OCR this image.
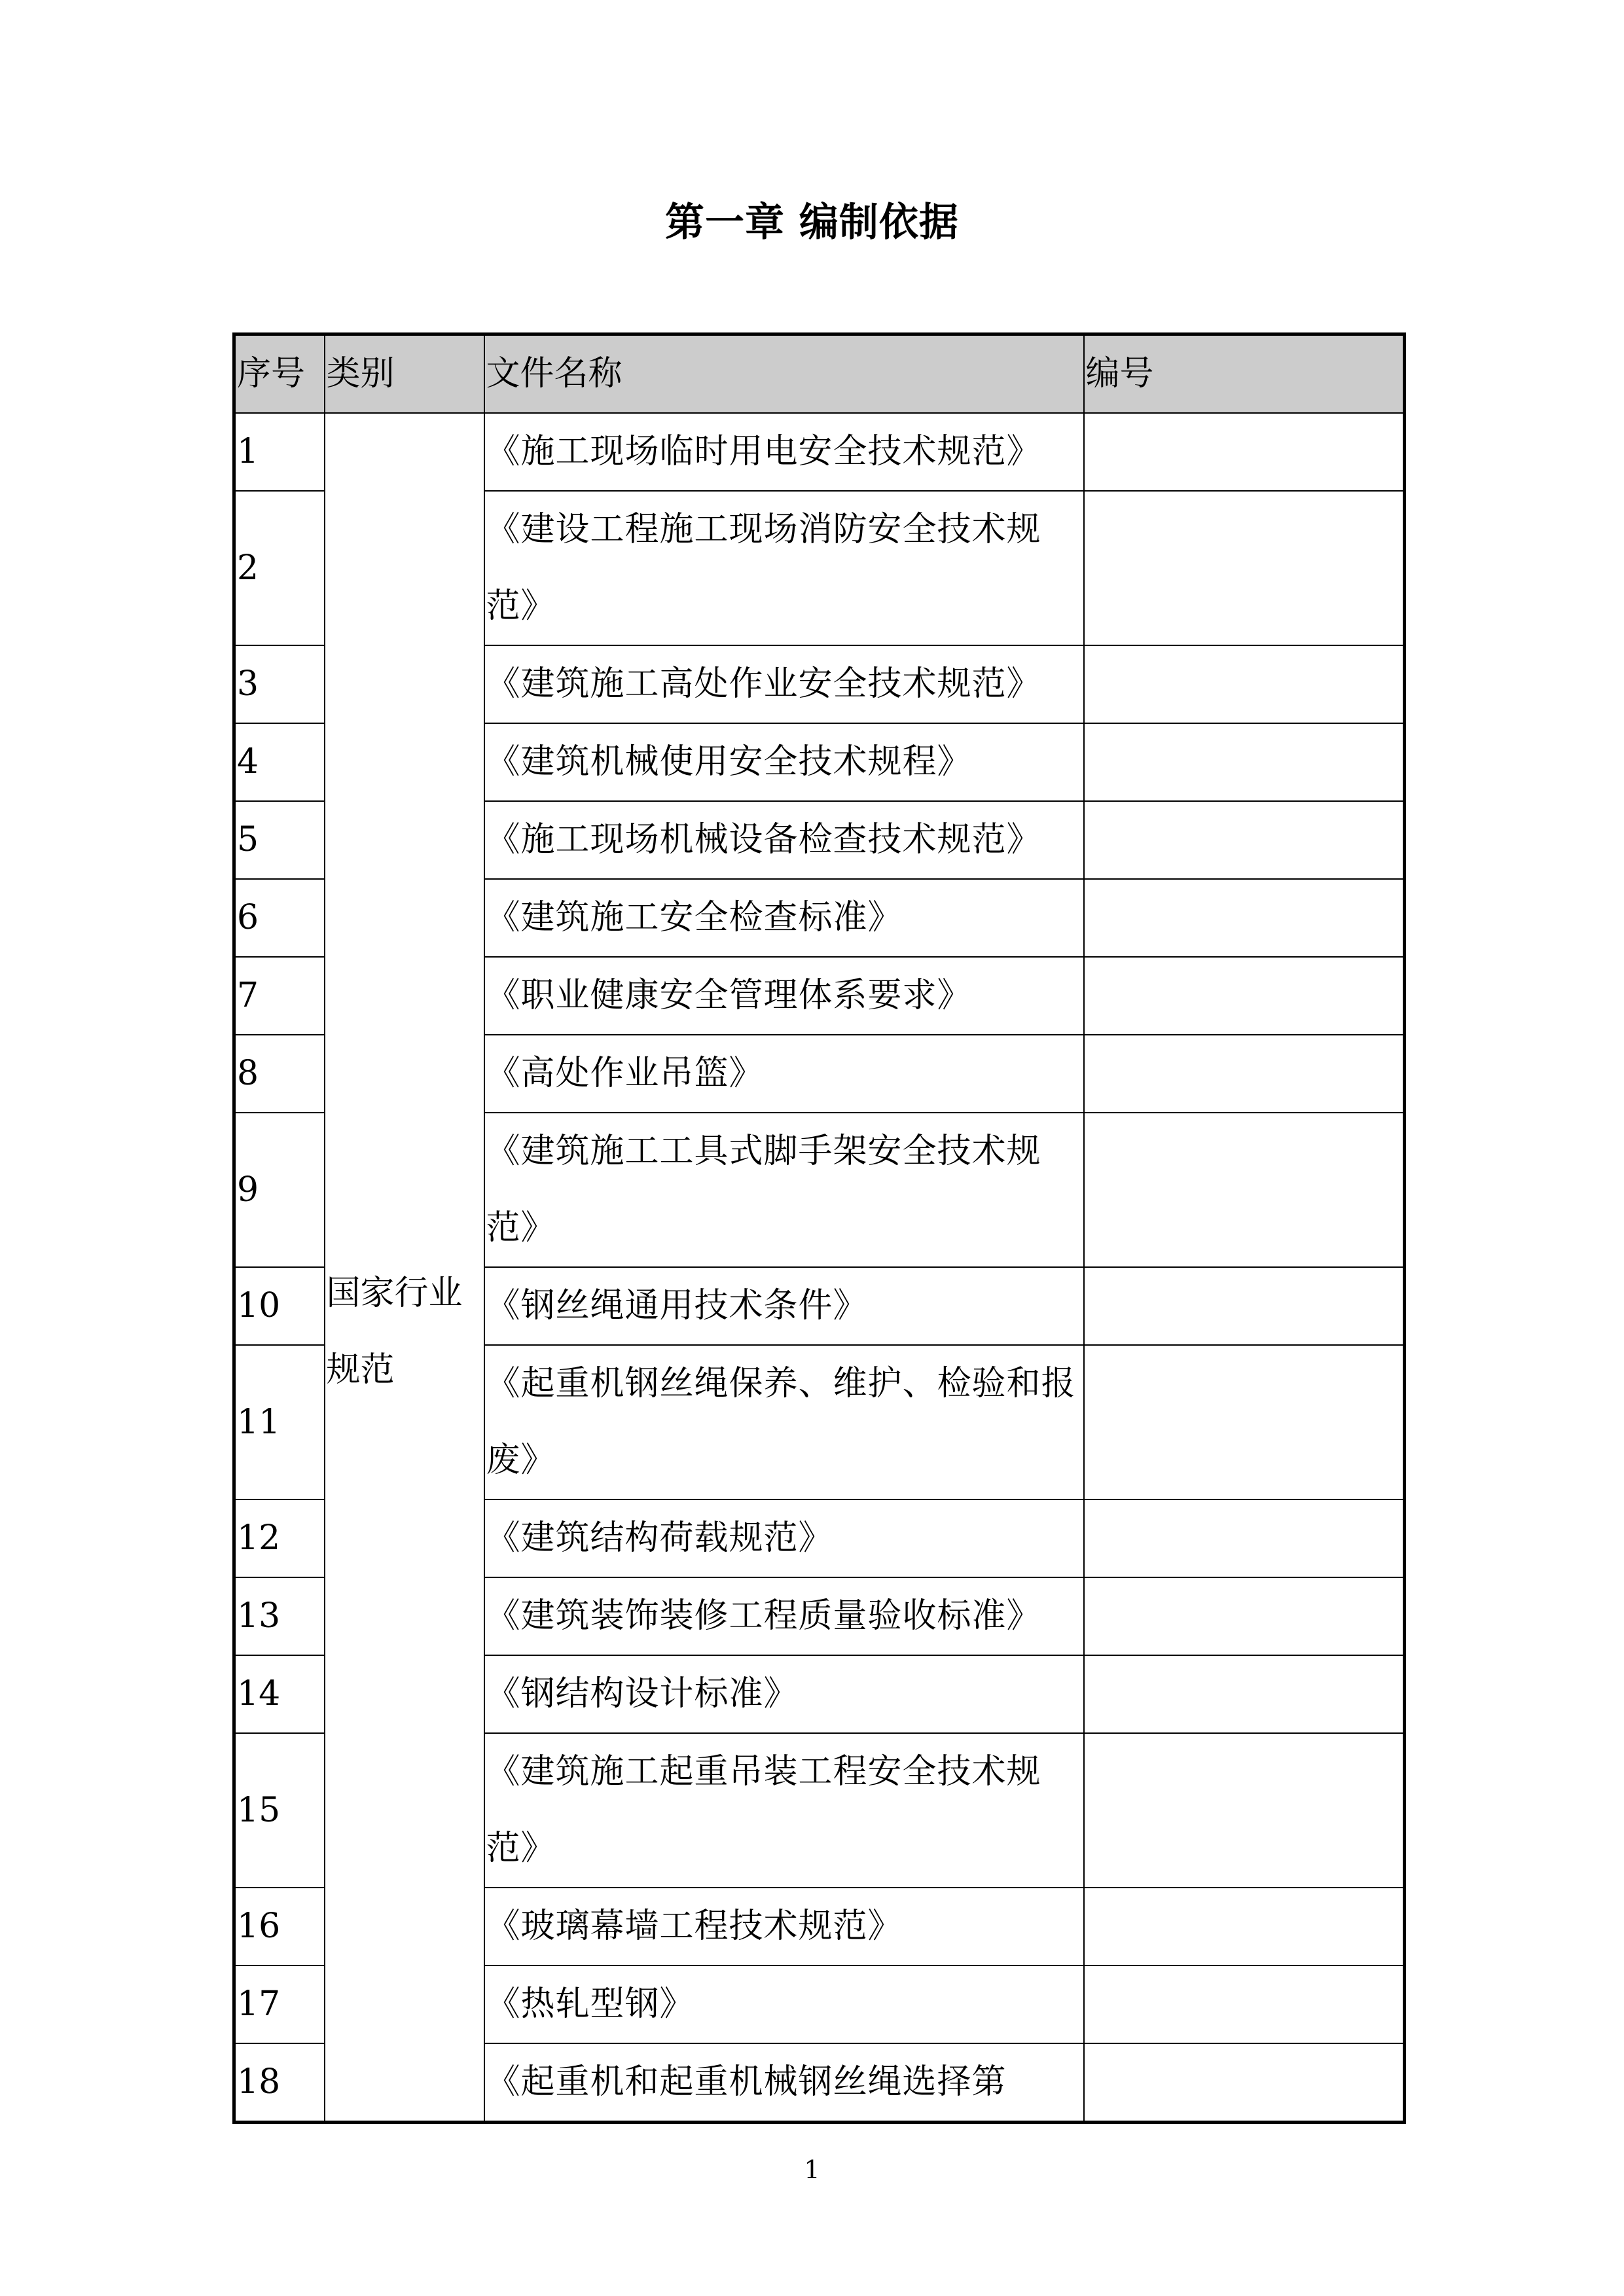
第一章 编制依据
序号	类别	文件名称	编号
1	国家行业规范	《施工现场临时用电安全技术规范》	
2		《建设工程施工现场消防安全技术规范》	
3		《建筑施工高处作业安全技术规范》	
4		《建筑机械使用安全技术规程》	
5		《施工现场机械设备检查技术规范》	
6		《建筑施工安全检查标准》	
7		《职业健康安全管理体系要求》	
8		《高处作业吊篮》	
9		《建筑施工工具式脚手架安全技术规范》	
10		《钢丝绳通用技术条件》	
11		《起重机钢丝绳保养、维护、检验和报废》	
12		《建筑结构荷载规范》	
13		《建筑装饰装修工程质量验收标准》	
14		《钢结构设计标准》	
15		《建筑施工起重吊装工程安全技术规范》	
16		《玻璃幕墙工程技术规范》	
17		《热轧型钢》	
18		《起重机和起重机械钢丝绳选择第	
1
